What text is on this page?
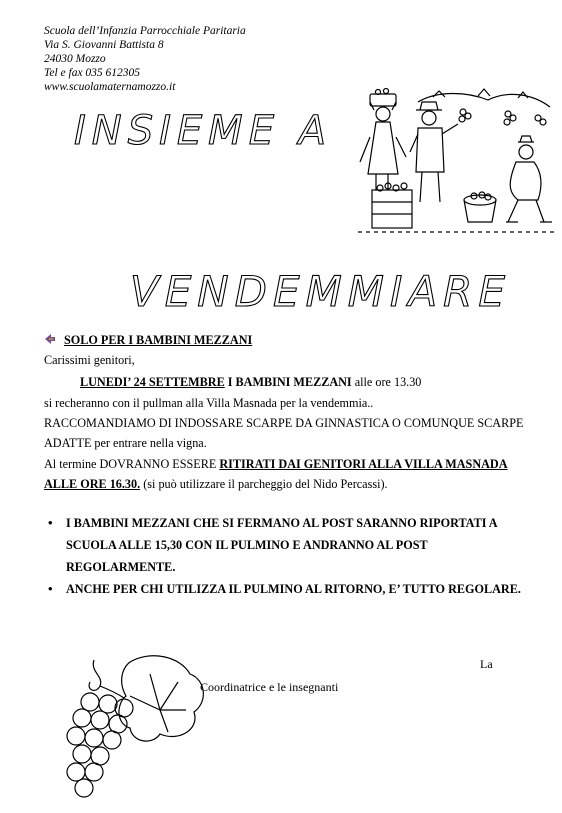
Scuola dell’Infanzia Parrocchiale Paritaria
Via S. Giovanni Battista 8
24030 Mozzo
Tel e fax 035 612305
www.scuolamaternamozzo.it
INSIEME A
VENDEMMIARE
SOLO PER I BAMBINI MEZZANI
Carissimi genitori,
LUNEDI’ 24 SETTEMBRE I BAMBINI MEZZANI alle ore 13.30
si recheranno con il pullman alla Villa Masnada per la vendemmia..
RACCOMANDIAMO DI INDOSSARE SCARPE DA GINNASTICA O COMUNQUE SCARPE
ADATTE per entrare nella vigna.
Al termine DOVRANNO ESSERE RITIRATI DAI GENITORI ALLA VILLA MASNADA
ALLE ORE 16.30. (si può utilizzare il parcheggio del Nido Percassi).
• I BAMBINI MEZZANI CHE SI FERMANO AL POST SARANNO RIPORTATI A SCUOLA ALLE 15,30 CON IL PULMINO E ANDRANNO AL POST REGOLARMENTE.
• ANCHE PER CHI UTILIZZA IL PULMINO AL RITORNO, E’ TUTTO REGOLARE.
La
Coordinatrice e le insegnanti
